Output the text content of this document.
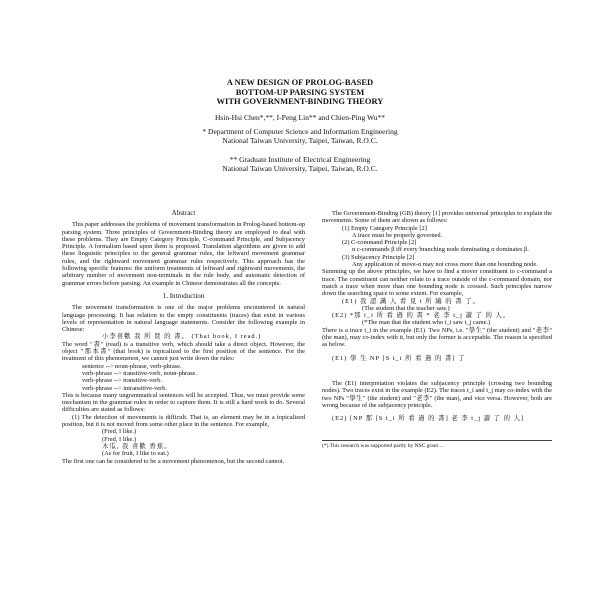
A NEW DESIGN OF PROLOG-BASED
BOTTOM-UP PARSING SYSTEM
WITH GOVERNMENT-BINDING THEORY
Hsin-Hsi Chen*,**, I-Peng Lin** and Chien-Ping Wu**
* Department of Computer Science and Information Engineering
National Taiwan University, Taipei, Taiwan, R.O.C.
** Graduate Institute of Electrical Engineering
National Taiwan University, Taipei, Taiwan, R.O.C.

Abstract

This paper addresses the problems of movement transformation in Prolog-based bottom-up parsing system. Three principles of Government-Binding theory are employed to deal with these problems. They are Empty Category Principle, C-command Principle, and Subjacency Principle. A formalism based upon them is proposed. Translation algorithms are given to add these linguistic principles to the general grammar rules, the leftward movement grammar rules, and the rightward movement grammar rules respectively. This approach has the following specific features: the uniform treatments of leftward and rightward movements, the arbitrary number of movement non-terminals in the rule body, and automatic detection of grammar errors before parsing. An example in Chinese demonstrates all the concepts.

1. Introduction

The movement transformation is one of the major problems encountered in natural language processing. It has relation to the empty constituents (traces) that exist in various levels of representation in natural language statements. Consider the following example in Chinese:

小李喜歡 我 所 買 的 書。 (That book, I read.)

The word "書" (read) is a transitive verb, which should take a direct object. However, the object "那本書" (that book) is topicalized to the first position of the sentence. For the treatment of this phenomenon, we cannot just write down the rules:

sentence --> noun-phrase, verb-phrase.
verb-phrase --> transitive-verb, noun-phrase.
verb-phrase --> transitive-verb.
verb-phrase --> intransitive-verb.

This is because many ungrammatical sentences will be accepted. Thus, we must provide some mechanism in the grammar rules in order to capture them. It is still a hard work to do. Several difficulties are stated as follows:

(1) The detection of movements is difficult. That is, an element may be in a topicalized position, but it is not moved from some other place in the sentence. For example,

(Fred, I like.)
(Fred, I like.)
木瓜, 我 喜歡 香蕉。
(As for fruit, I like to eat.)

The first one can be considered to be a movement phenomenon, but the second cannot.

The Government-Binding (GB) theory [1] provides universal principles to explain the movements. Some of them are shown as follows:

(1) Empty Category Principle [2]
A trace must be properly governed.
(2) C-command Principle [2]
α c-commands β iff every branching node dominating α dominates β.
(3) Subjacency Principle [2]
Any application of move-α may not cross more than one bounding node.

Summing up the above principles, we have to find a mover constituent to c-command a trace. The constituent can neither relate to a trace outside of the c-command domain, nor match a trace when more than one bounding node is crossed. Such principles narrow down the searching space to some extent. For example,

(E1) 我 認 識 人 看 見 t 所 編 的 書 了。

(The student that the teacher saw.)

(E2) *那 t_i 所 看 過 的 書 * 老 李 t_j 讀 了 的 人。

(*The man that the student who t_i saw t_j came.)

There is a trace t_i in the example (E1). Two NPs, i.e. "學生" (the student) and "老李" (the man), may co-index with it, but only the former is acceptable. The reason is specified as below.

(E1) 學 生 NP [S t_i 所 看 過 的 書] 了

The (E1) interpretation violates the subjacency principle (crossing two bounding nodes). Two traces exist in the example (E2). The traces t_i and t_j may co-index with the two NPs "學生" (the student) and "老李" (the man), and vice versa. However, both are wrong because of the subjacency principle.

(E2) [NP 那 [S t_i 所 看 過 的 書] 老 李 t_j 讀 了 的 人]

(*) This research was supported partly by NSC grant ...
